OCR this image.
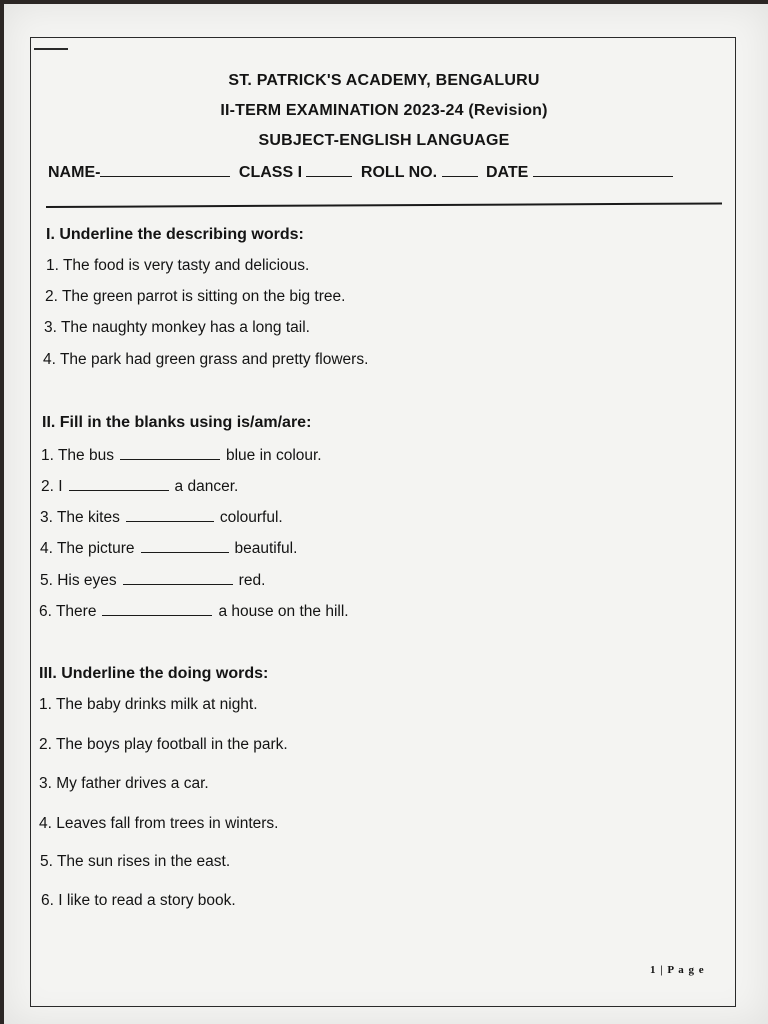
ST. PATRICK'S ACADEMY, BENGALURU
II-TERM EXAMINATION 2023-24 (Revision)
SUBJECT-ENGLISH LANGUAGE
NAME-	CLASS I	ROLL NO.	DATE
I. Underline the describing words:
1. The food is very tasty and delicious.
2. The green parrot is sitting on the big tree.
3. The naughty monkey has a long tail.
4. The park had green grass and pretty flowers.
II. Fill in the blanks using is/am/are:
1. The bus	blue in colour.
2. I	a dancer.
3. The kites	colourful.
4. The picture	beautiful.
5. His eyes	red.
6. There	a house on the hill.
III. Underline the doing words:
1. The baby drinks milk at night.
2. The boys play football in the park.
3. My father drives a car.
4. Leaves fall from trees in winters.
5. The sun rises in the east.
6. I like to read a story book.
1 | P a g e
